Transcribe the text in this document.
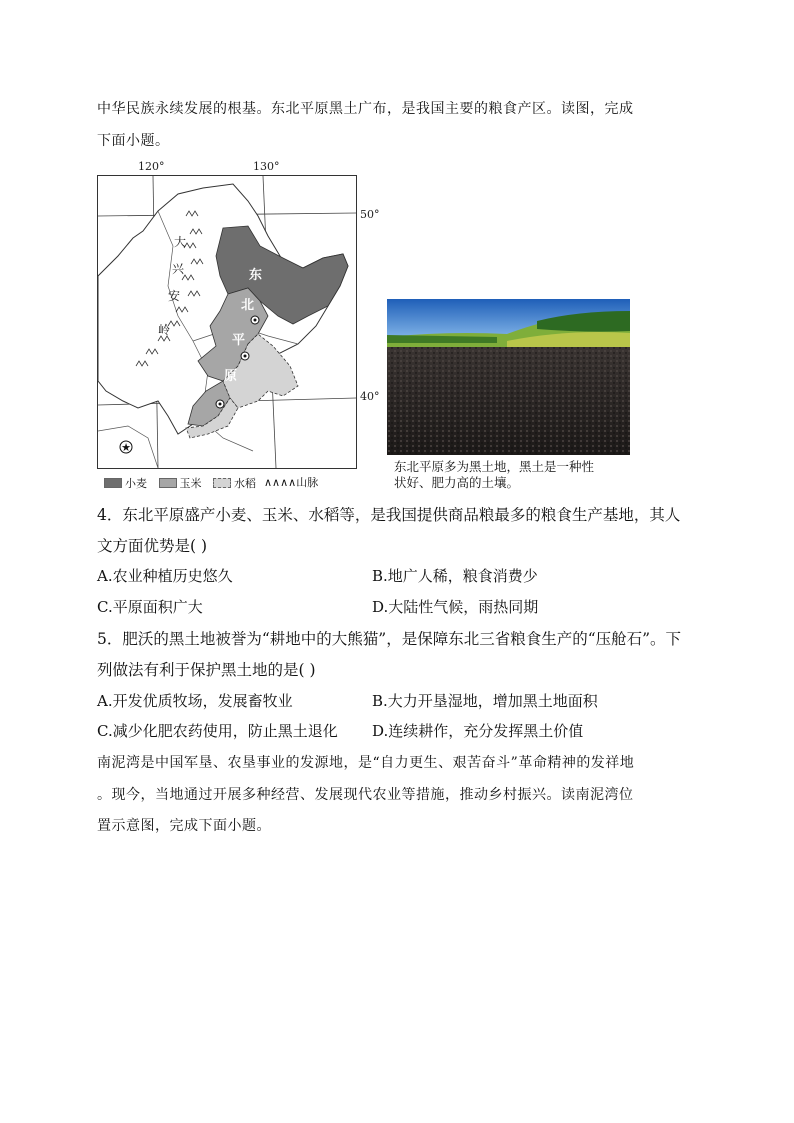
中华民族永续发展的根基。东北平原黑土广布，是我国主要的粮食产区。读图，完成
下面小题。
120°	130°
50°
40°
★
大
兴
安
岭
东
北
平
原
小麦	玉米	水稻 ∧∧∧∧山脉
东北平原多为黑土地，黑土是一种性
状好、肥力高的土壤。
4．东北平原盛产小麦、玉米、水稻等，是我国提供商品粮最多的粮食生产基地，其人
文方面优势是( )
A.农业种植历史悠久	B.地广人稀，粮食消费少
C.平原面积广大	D.大陆性气候，雨热同期
5．肥沃的黑土地被誉为“耕地中的大熊猫”，是保障东北三省粮食生产的“压舱石”。下
列做法有利于保护黑土地的是( )
A.开发优质牧场，发展畜牧业	B.大力开垦湿地，增加黑土地面积
C.减少化肥农药使用，防止黑土退化 D.连续耕作，充分发挥黑土价值
南泥湾是中国军垦、农垦事业的发源地，是“自力更生、艰苦奋斗”革命精神的发祥地
。现今，当地通过开展多种经营、发展现代农业等措施，推动乡村振兴。读南泥湾位
置示意图，完成下面小题。
